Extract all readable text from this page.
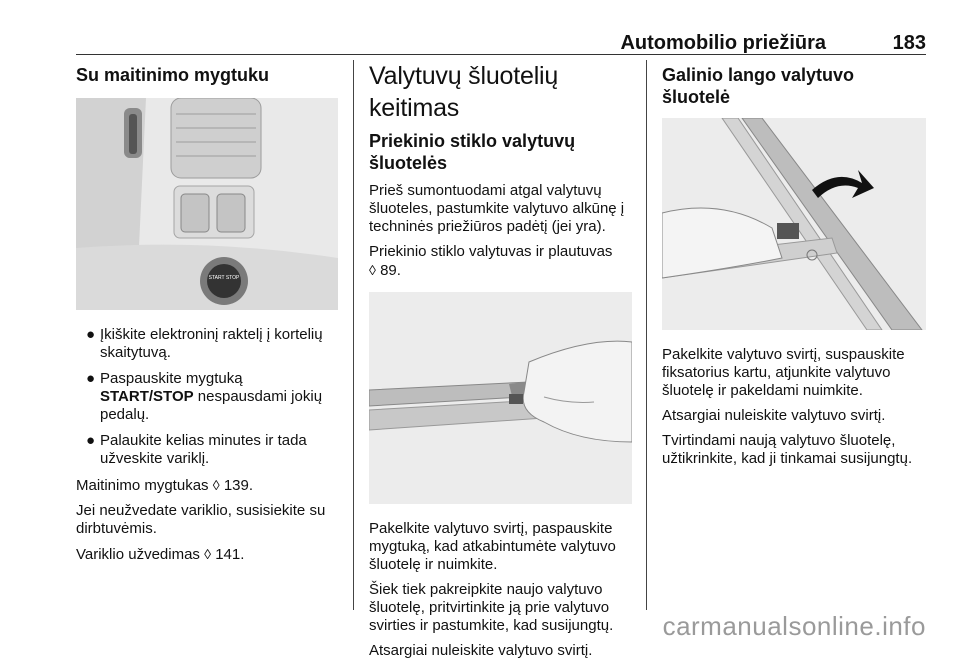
Automobilio priežiūra	183
Su maitinimo mygtuku
START STOP
● Įkiškite elektroninį raktelį į kortelių skaitytuvą.
● Paspauskite mygtuką START/STOP nespausdami jokių pedalų.
● Palaukite kelias minutes ir tada užveskite variklį.

Maitinimo mygtukas ◊ 139.

Jei neužvedate variklio, susisiekite su dirbtuvėmis.

Variklio užvedimas ◊ 141.

Valytuvų šluotelių keitimas
Priekinio stiklo valytuvų šluotelės

Prieš sumontuodami atgal valytuvų šluoteles, pastumkite valytuvo alkūnę į techninės priežiūros padėtį (jei yra).

Priekinio stiklo valytuvas ir plautuvas
◊ 89.

Pakelkite valytuvo svirtį, paspauskite mygtuką, kad atkabintumėte valytuvo šluotelę ir nuimkite.

Šiek tiek pakreipkite naujo valytuvo šluotelę, pritvirtinkite ją prie valytuvo svirties ir pastumkite, kad susijungtų.

Atsargiai nuleiskite valytuvo svirtį.

Galinio lango valytuvo šluotelė

Pakelkite valytuvo svirtį, suspauskite fiksatorius kartu, atjunkite valytuvo šluotelę ir pakeldami nuimkite.

Atsargiai nuleiskite valytuvo svirtį.

Tvirtindami naują valytuvo šluotelę, užtikrinkite, kad ji tinkamai susijungtų.

carmanualsonline.info
